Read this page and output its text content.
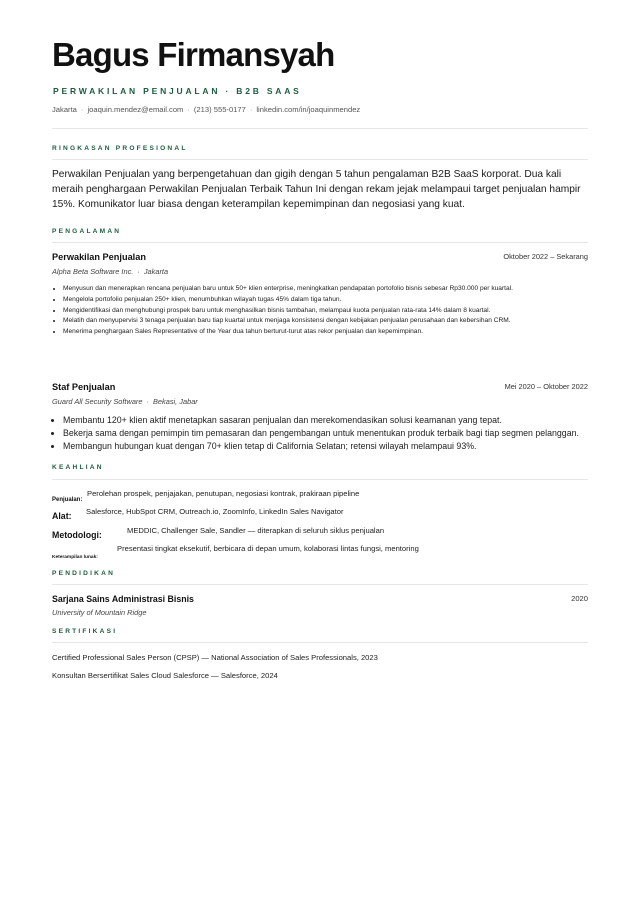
Bagus Firmansyah
PERWAKILAN PENJUALAN · B2B SAAS
Jakarta · joaquin.mendez@email.com · (213) 555-0177 · linkedin.com/in/joaquinmendez
RINGKASAN PROFESIONAL
Perwakilan Penjualan yang berpengetahuan dan gigih dengan 5 tahun pengalaman B2B SaaS korporat. Dua kali meraih penghargaan Perwakilan Penjualan Terbaik Tahun Ini dengan rekam jejak melampaui target penjualan hampir 15%. Komunikator luar biasa dengan keterampilan kepemimpinan dan negosiasi yang kuat.
PENGALAMAN
Perwakilan Penjualan	Oktober 2022 – Sekarang
Alpha Beta Software Inc. · Jakarta
• Menyusun dan menerapkan rencana penjualan baru untuk 50+ klien enterprise, meningkatkan pendapatan portofolio bisnis sebesar Rp30.000 per kuartal.
• Mengelola portofolio penjualan 250+ klien, menumbuhkan wilayah tugas 45% dalam tiga tahun.
• Mengidentifikasi dan menghubungi prospek baru untuk menghasilkan bisnis tambahan, melampaui kuota penjualan rata-rata 14% dalam 8 kuartal.
• Melatih dan menyupervisi 3 tenaga penjualan baru tiap kuartal untuk menjaga konsistensi dengan kebijakan penjualan perusahaan dan kebersihan CRM.
• Menerima penghargaan Sales Representative of the Year dua tahun berturut-turut atas rekor penjualan dan kepemimpinan.
Staf Penjualan	Mei 2020 – Oktober 2022
Guard All Security Software · Bekasi, Jabar
• Membantu 120+ klien aktif menetapkan sasaran penjualan dan merekomendasikan solusi keamanan yang tepat.
• Bekerja sama dengan pemimpin tim pemasaran dan pengembangan untuk menentukan produk terbaik bagi tiap segmen pelanggan.
• Membangun hubungan kuat dengan 70+ klien tetap di California Selatan; retensi wilayah melampaui 93%.
KEAHLIAN
Penjualan:
Perolehan prospek, penjajakan, penutupan, negosiasi kontrak, prakiraan pipeline
Alat: Salesforce, HubSpot CRM, Outreach.io, ZoomInfo, LinkedIn Sales Navigator
Metodologi:	MEDDIC, Challenger Sale, Sandler — diterapkan di seluruh siklus penjualan
Keterampilan lunak:
Presentasi tingkat eksekutif, berbicara di depan umum, kolaborasi lintas fungsi, mentoring
PENDIDIKAN
Sarjana Sains Administrasi Bisnis	2020
University of Mountain Ridge
SERTIFIKASI
Certified Professional Sales Person (CPSP) — National Association of Sales Professionals, 2023
Konsultan Bersertifikat Sales Cloud Salesforce — Salesforce, 2024
